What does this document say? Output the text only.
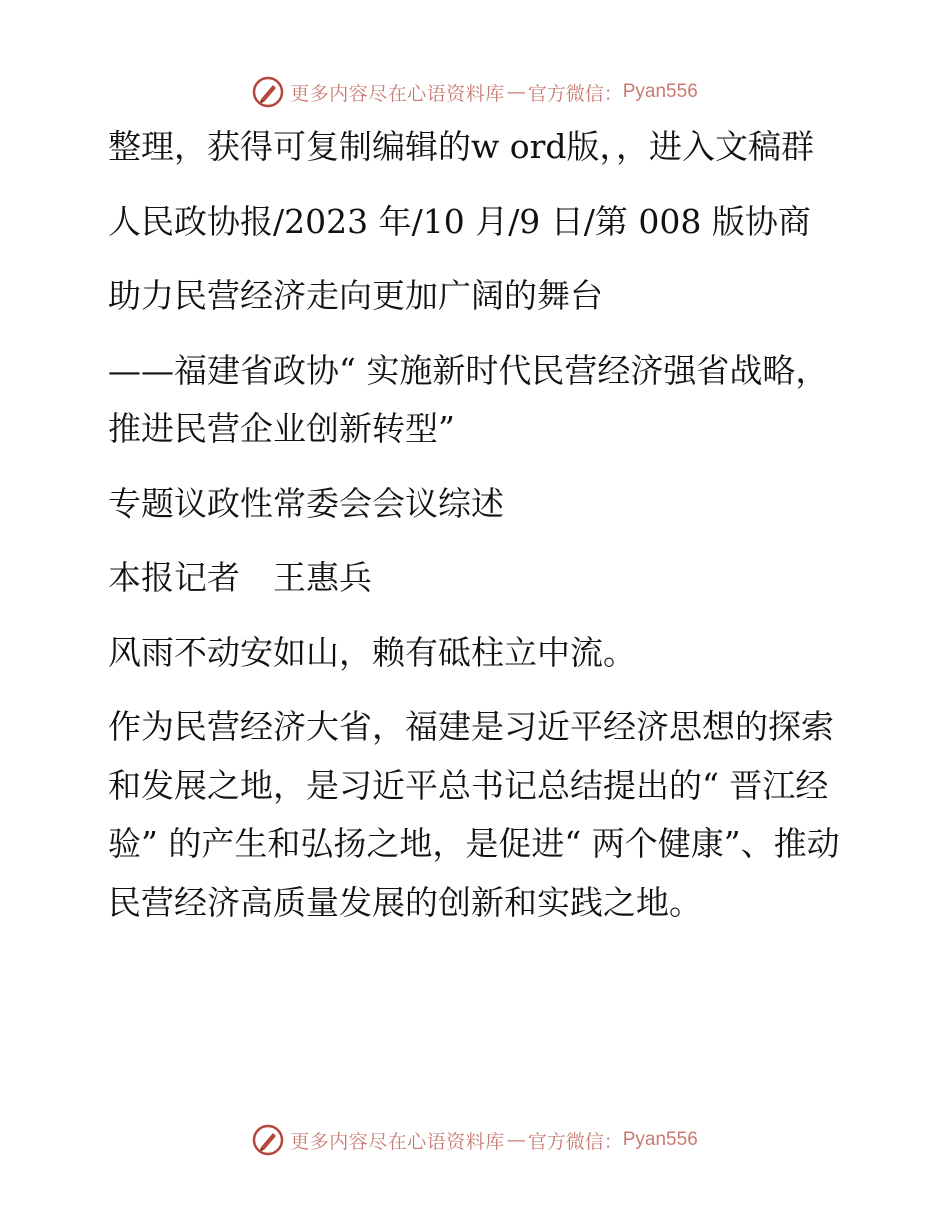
更多内容尽在心语资料库 — 官方微信： Pyan556

整理，获得可复制编辑的w ord版，，进入文稿群

人民政协报/2023 年/10 月/9 日/第 008 版协商

助力民营经济走向更加广阔的舞台

——福建省政协“ 实施新时代民营经济强省战略，推进民营企业创新转型”

专题议政性常委会会议综述

本报记者　王惠兵

风雨不动安如山，赖有砥柱立中流。

作为民营经济大省，福建是习近平经济思想的探索和发展之地，是习近平总书记总结提出的“ 晋江经验” 的产生和弘扬之地，是促进“ 两个健康”、推动民营经济高质量发展的创新和实践之地。

更多内容尽在心语资料库 — 官方微信： Pyan556
